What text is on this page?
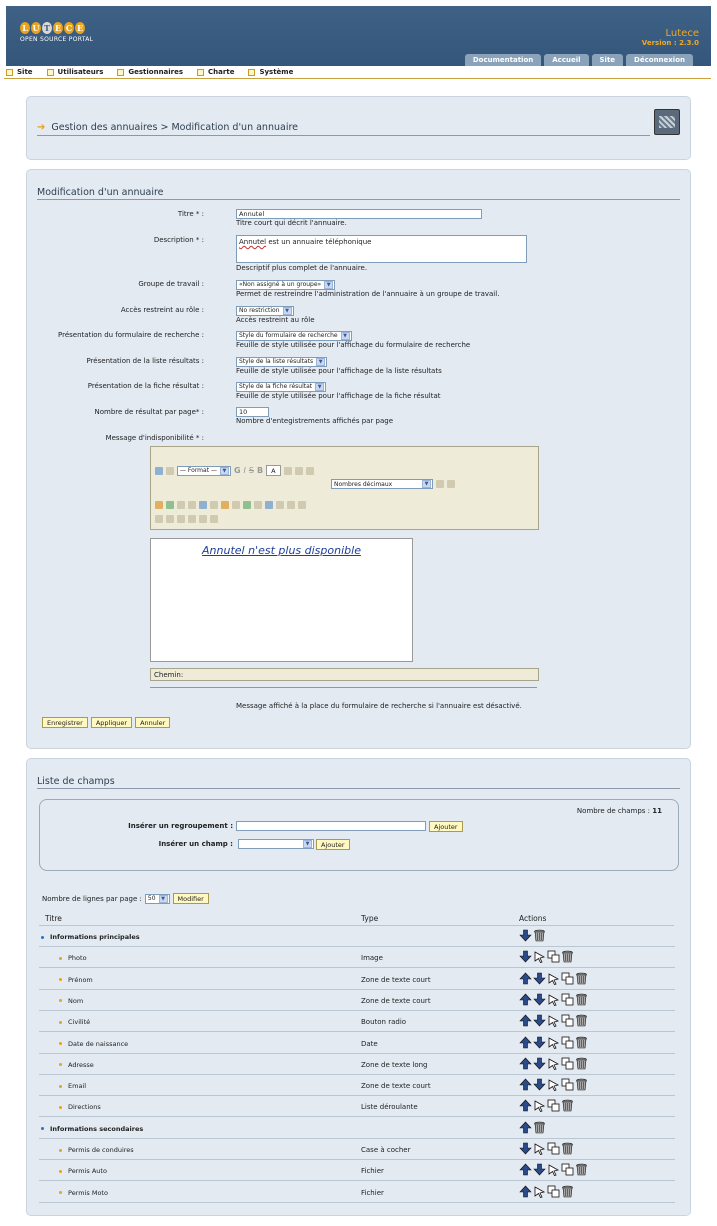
L U T E C E
OPEN SOURCE PORTAL
Lutece
Version : 2.3.0
Documentation	Accueil	Site	Déconnexion
Site	Utilisateurs	Gestionnaires	Charte	Système
➔ Gestion des annuaires > Modification d'un annuaire
Modification d'un annuaire
Titre * :	Annutel
Titre court qui décrit l'annuaire.
Description * :	Annutel est un annuaire téléphonique
Descriptif plus complet de l'annuaire.
Groupe de travail :	«Non assigné à un groupe»	▼
Permet de restreindre l'administration de l'annuaire à un groupe de travail.
Accès restreint au rôle :	No restriction	▼
Accès restreint au rôle
Présentation du formulaire de recherche :	Style du formulaire de recherche	▼
Feuille de style utilisée pour l'affichage du formulaire de recherche
Présentation de la liste résultats :	Style de la liste résultats	▼
Feuille de style utilisée pour l'affichage de la liste résultats
Présentation de la fiche résultat :	Style de la fiche résultat	▼
Feuille de style utilisée pour l'affichage de la fiche résultat
Nombre de résultat par page* :	10
Nombre d'entegistrements affichés par page
Message d'indisponibilité * :
— Format —	▼ G I S B	A
Nombres décimaux	▼
Annutel n'est plus disponible
Chemin:
Message affiché à la place du formulaire de recherche si l'annuaire est désactivé.
Enregistrer	Appliquer	Annuler
Liste de champs
Nombre de champs : 11
Insérer un regroupement :	Ajouter
Insérer un champ :	▼	Ajouter
Nombre de lignes par page : 50	▼	Modifier
Titre	Type	Actions
Informations principales
Photo	Image
Prénom	Zone de texte court
Nom	Zone de texte court
Civilité	Bouton radio
Date de naissance	Date
Adresse	Zone de texte long
Email	Zone de texte court
Directions	Liste déroulante
Informations secondaires
Permis de conduires	Case à cocher
Permis Auto	Fichier
Permis Moto	Fichier
